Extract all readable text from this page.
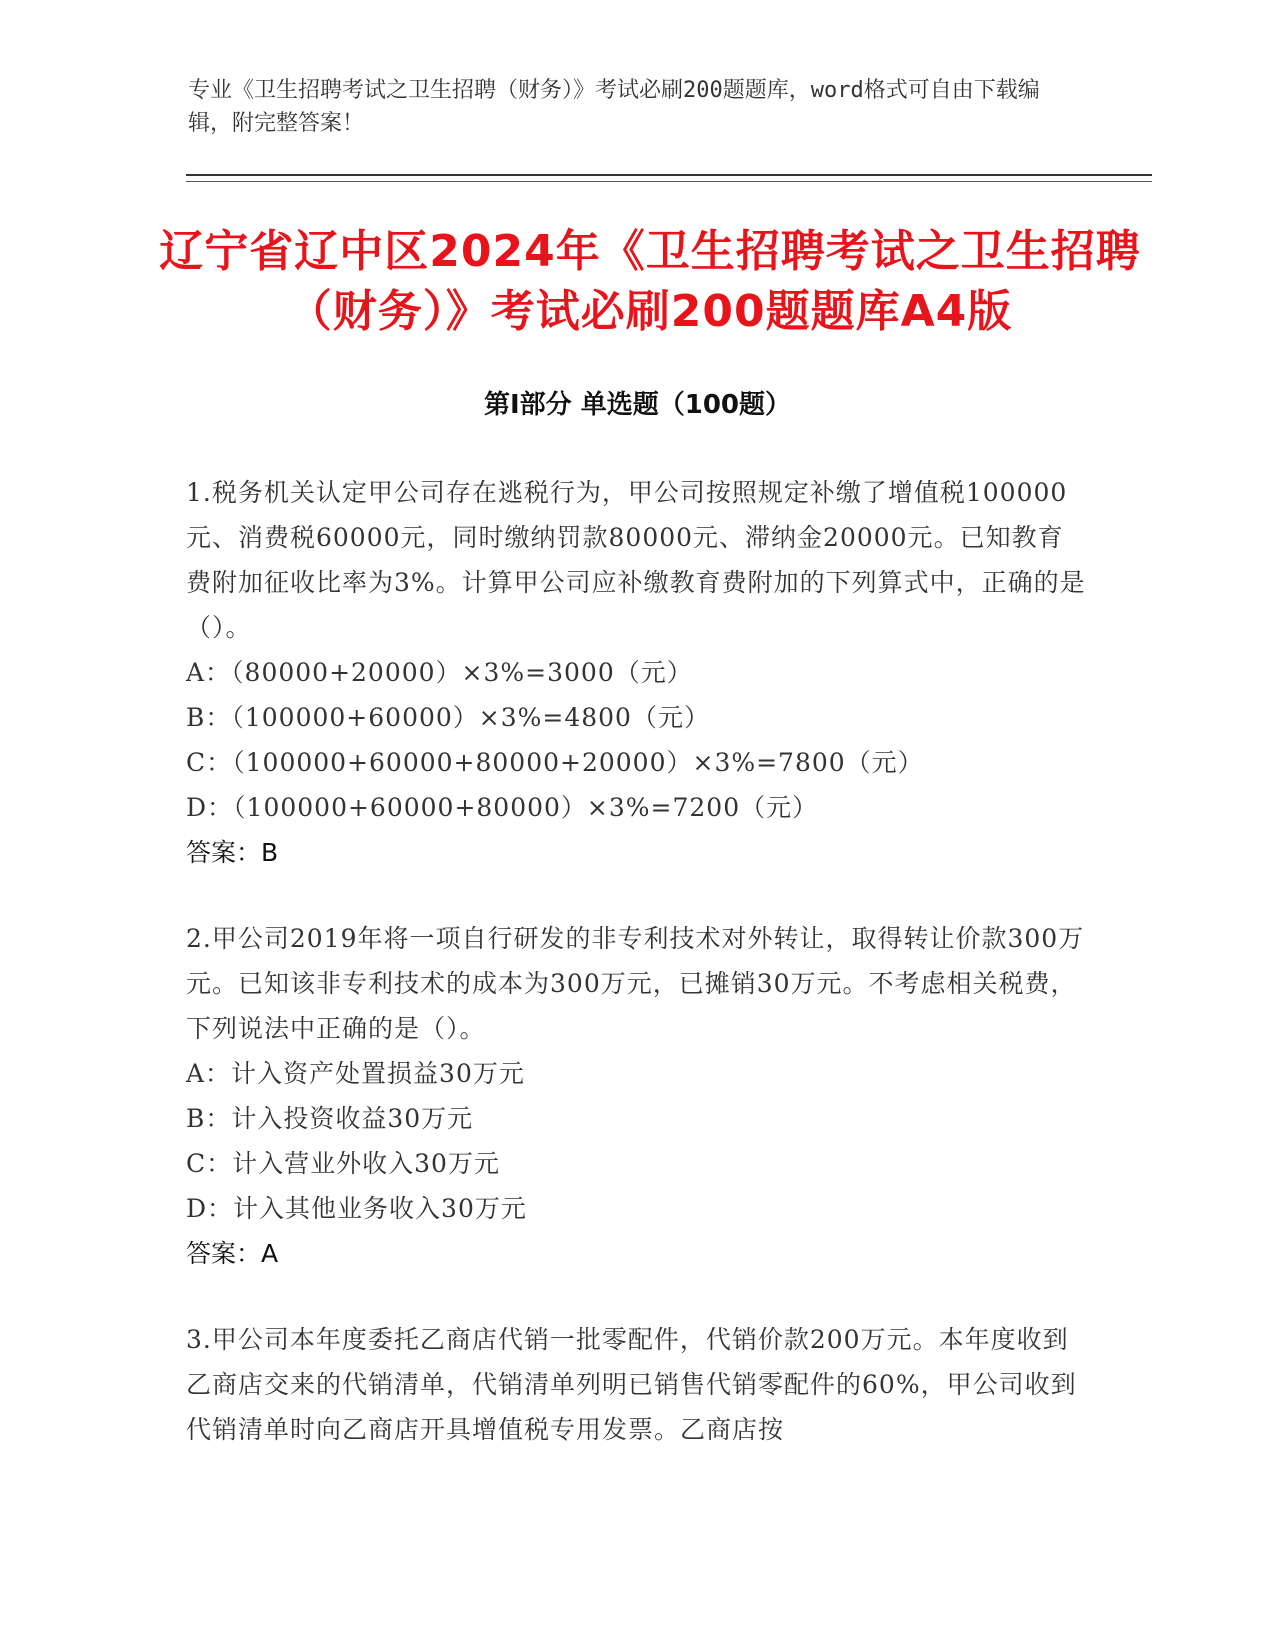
专业《卫生招聘考试之卫生招聘（财务）》考试必刷200题题库，word格式可自由下载编辑，附完整答案！
辽宁省辽中区2024年《卫生招聘考试之卫生招聘（财务）》考试必刷200题题库A4版
第Ⅰ部分 单选题（100题）

1.税务机关认定甲公司存在逃税行为，甲公司按照规定补缴了增值税100000元、消费税60000元，同时缴纳罚款80000元、滞纳金20000元。已知教育费附加征收比率为3%。计算甲公司应补缴教育费附加的下列算式中，正确的是（）。

A：（80000+20000）×3%=3000（元）

B：（100000+60000）×3%=4800（元）

C：（100000+60000+80000+20000）×3%=7800（元）

D：（100000+60000+80000）×3%=7200（元）

答案：B

2.甲公司2019年将一项自行研发的非专利技术对外转让，取得转让价款300万元。已知该非专利技术的成本为300万元，已摊销30万元。不考虑相关税费，下列说法中正确的是（）。

A：计入资产处置损益30万元

B：计入投资收益30万元

C：计入营业外收入30万元

D：计入其他业务收入30万元

答案：A

3.甲公司本年度委托乙商店代销一批零配件，代销价款200万元。本年度收到乙商店交来的代销清单，代销清单列明已销售代销零配件的60%，甲公司收到代销清单时向乙商店开具增值税专用发票。乙商店按
